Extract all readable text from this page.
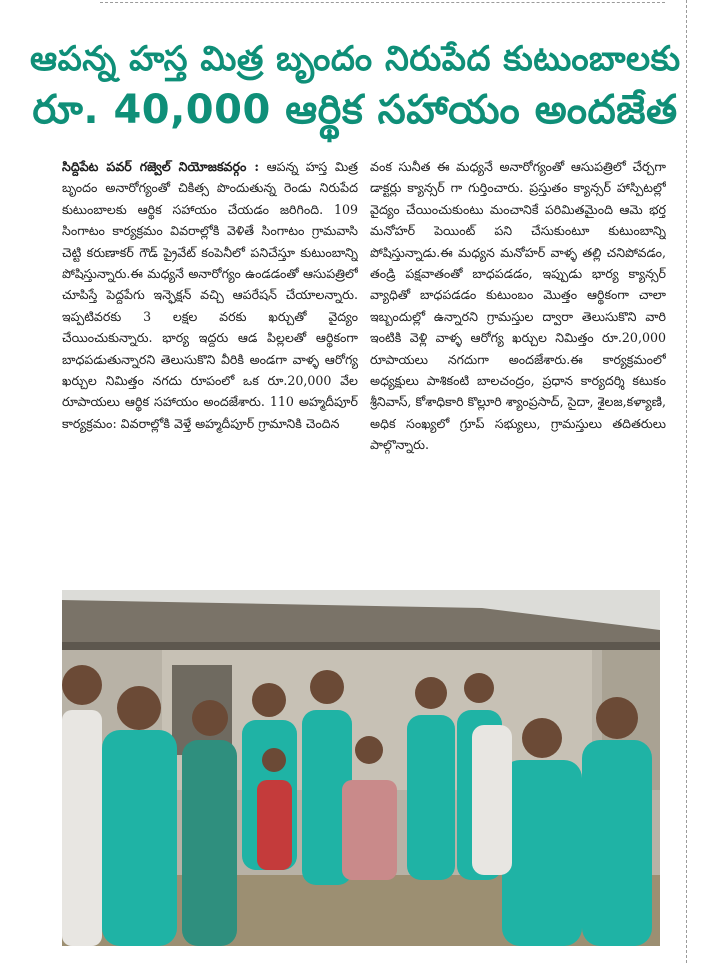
ఆపన్న హస్త మిత్ర బృందం నిరుపేద కుటుంబాలకు
రూ. 40,000 ఆర్థిక సహాయం అందజేత

సిద్దిపేట పవర్ గజ్వెల్ నియోజకవర్గం : ఆపన్న హస్త మిత్ర బృందం అనారోగ్యంతో చికిత్స పొందుతున్న రెండు నిరుపేద కుటుంబాలకు ఆర్థిక సహాయం చేయడం జరిగింది. 109 సింగాటం కార్యక్రమం వివరాల్లోకి వెళితే సింగాటం గ్రామవాసి చెట్టి కరుణాకర్ గౌడ్ ప్రైవేట్ కంపెనీలో పనిచేస్తూ కుటుంబాన్ని పోషిస్తున్నారు.ఈ మధ్యనే అనారోగ్యం ఉండడంతో ఆసుపత్రిలో చూపిస్తే పెద్దపేగు ఇన్ఫెక్షన్ వచ్చి ఆపరేషన్ చేయాలన్నారు. ఇప్పటివరకు 3 లక్షల వరకు ఖర్చుతో వైద్యం చేయించుకున్నారు. భార్య ఇద్దరు ఆడ పిల్లలతో ఆర్థికంగా బాధపడుతున్నారని తెలుసుకొని వీరికి అండగా వాళ్ళ ఆరోగ్య ఖర్చుల నిమిత్తం నగదు రూపంలో ఒక రూ.20,000 వేల రూపాయలు ఆర్థిక సహాయం అందజేశారు. 110 అహ్మదీపూర్ కార్యక్రమం: వివరాల్లోకి వెళ్తే అహ్మదీపూర్ గ్రామానికి చెందిన

వంక సునీత ఈ మధ్యనే అనారోగ్యంతో ఆసుపత్రిలో చేర్చగా డాక్టర్లు క్యాన్సర్ గా గుర్తించారు. ప్రస్తుతం క్యాన్సర్ హాస్పిటల్లో వైద్యం చేయించుకుంటు మంచానికే పరిమితమైంది ఆమె భర్త మనోహర్ పెయింట్ పని చేసుకుంటూ కుటుంబాన్ని పోషిస్తున్నాడు.ఈ మధ్యన మనోహర్ వాళ్ళ తల్లి చనిపోవడం, తండ్రి పక్షవాతంతో బాధపడడం, ఇప్పుడు భార్య క్యాన్సర్ వ్యాధితో బాధపడడం కుటుంబం మొత్తం ఆర్థికంగా చాలా ఇబ్బందుల్లో ఉన్నారని గ్రామస్తుల ద్వారా తెలుసుకొని వారి ఇంటికి వెళ్లి వాళ్ళ ఆరోగ్య ఖర్చుల నిమిత్తం రూ.20,000 రూపాయలు నగదుగా అందజేశారు.ఈ కార్యక్రమంలో అధ్యక్షులు పాశికంటి బాలచంద్రం, ప్రధాన కార్యదర్శి కటుకం శ్రీనివాస్, కోశాధికారి కొల్లూరి శ్యాంప్రసాద్, సైదా, శైలజ,కళ్యాణి, అధిక సంఖ్యలో గ్రూప్ సభ్యులు, గ్రామస్తులు తదితరులు పాల్గొన్నారు.
